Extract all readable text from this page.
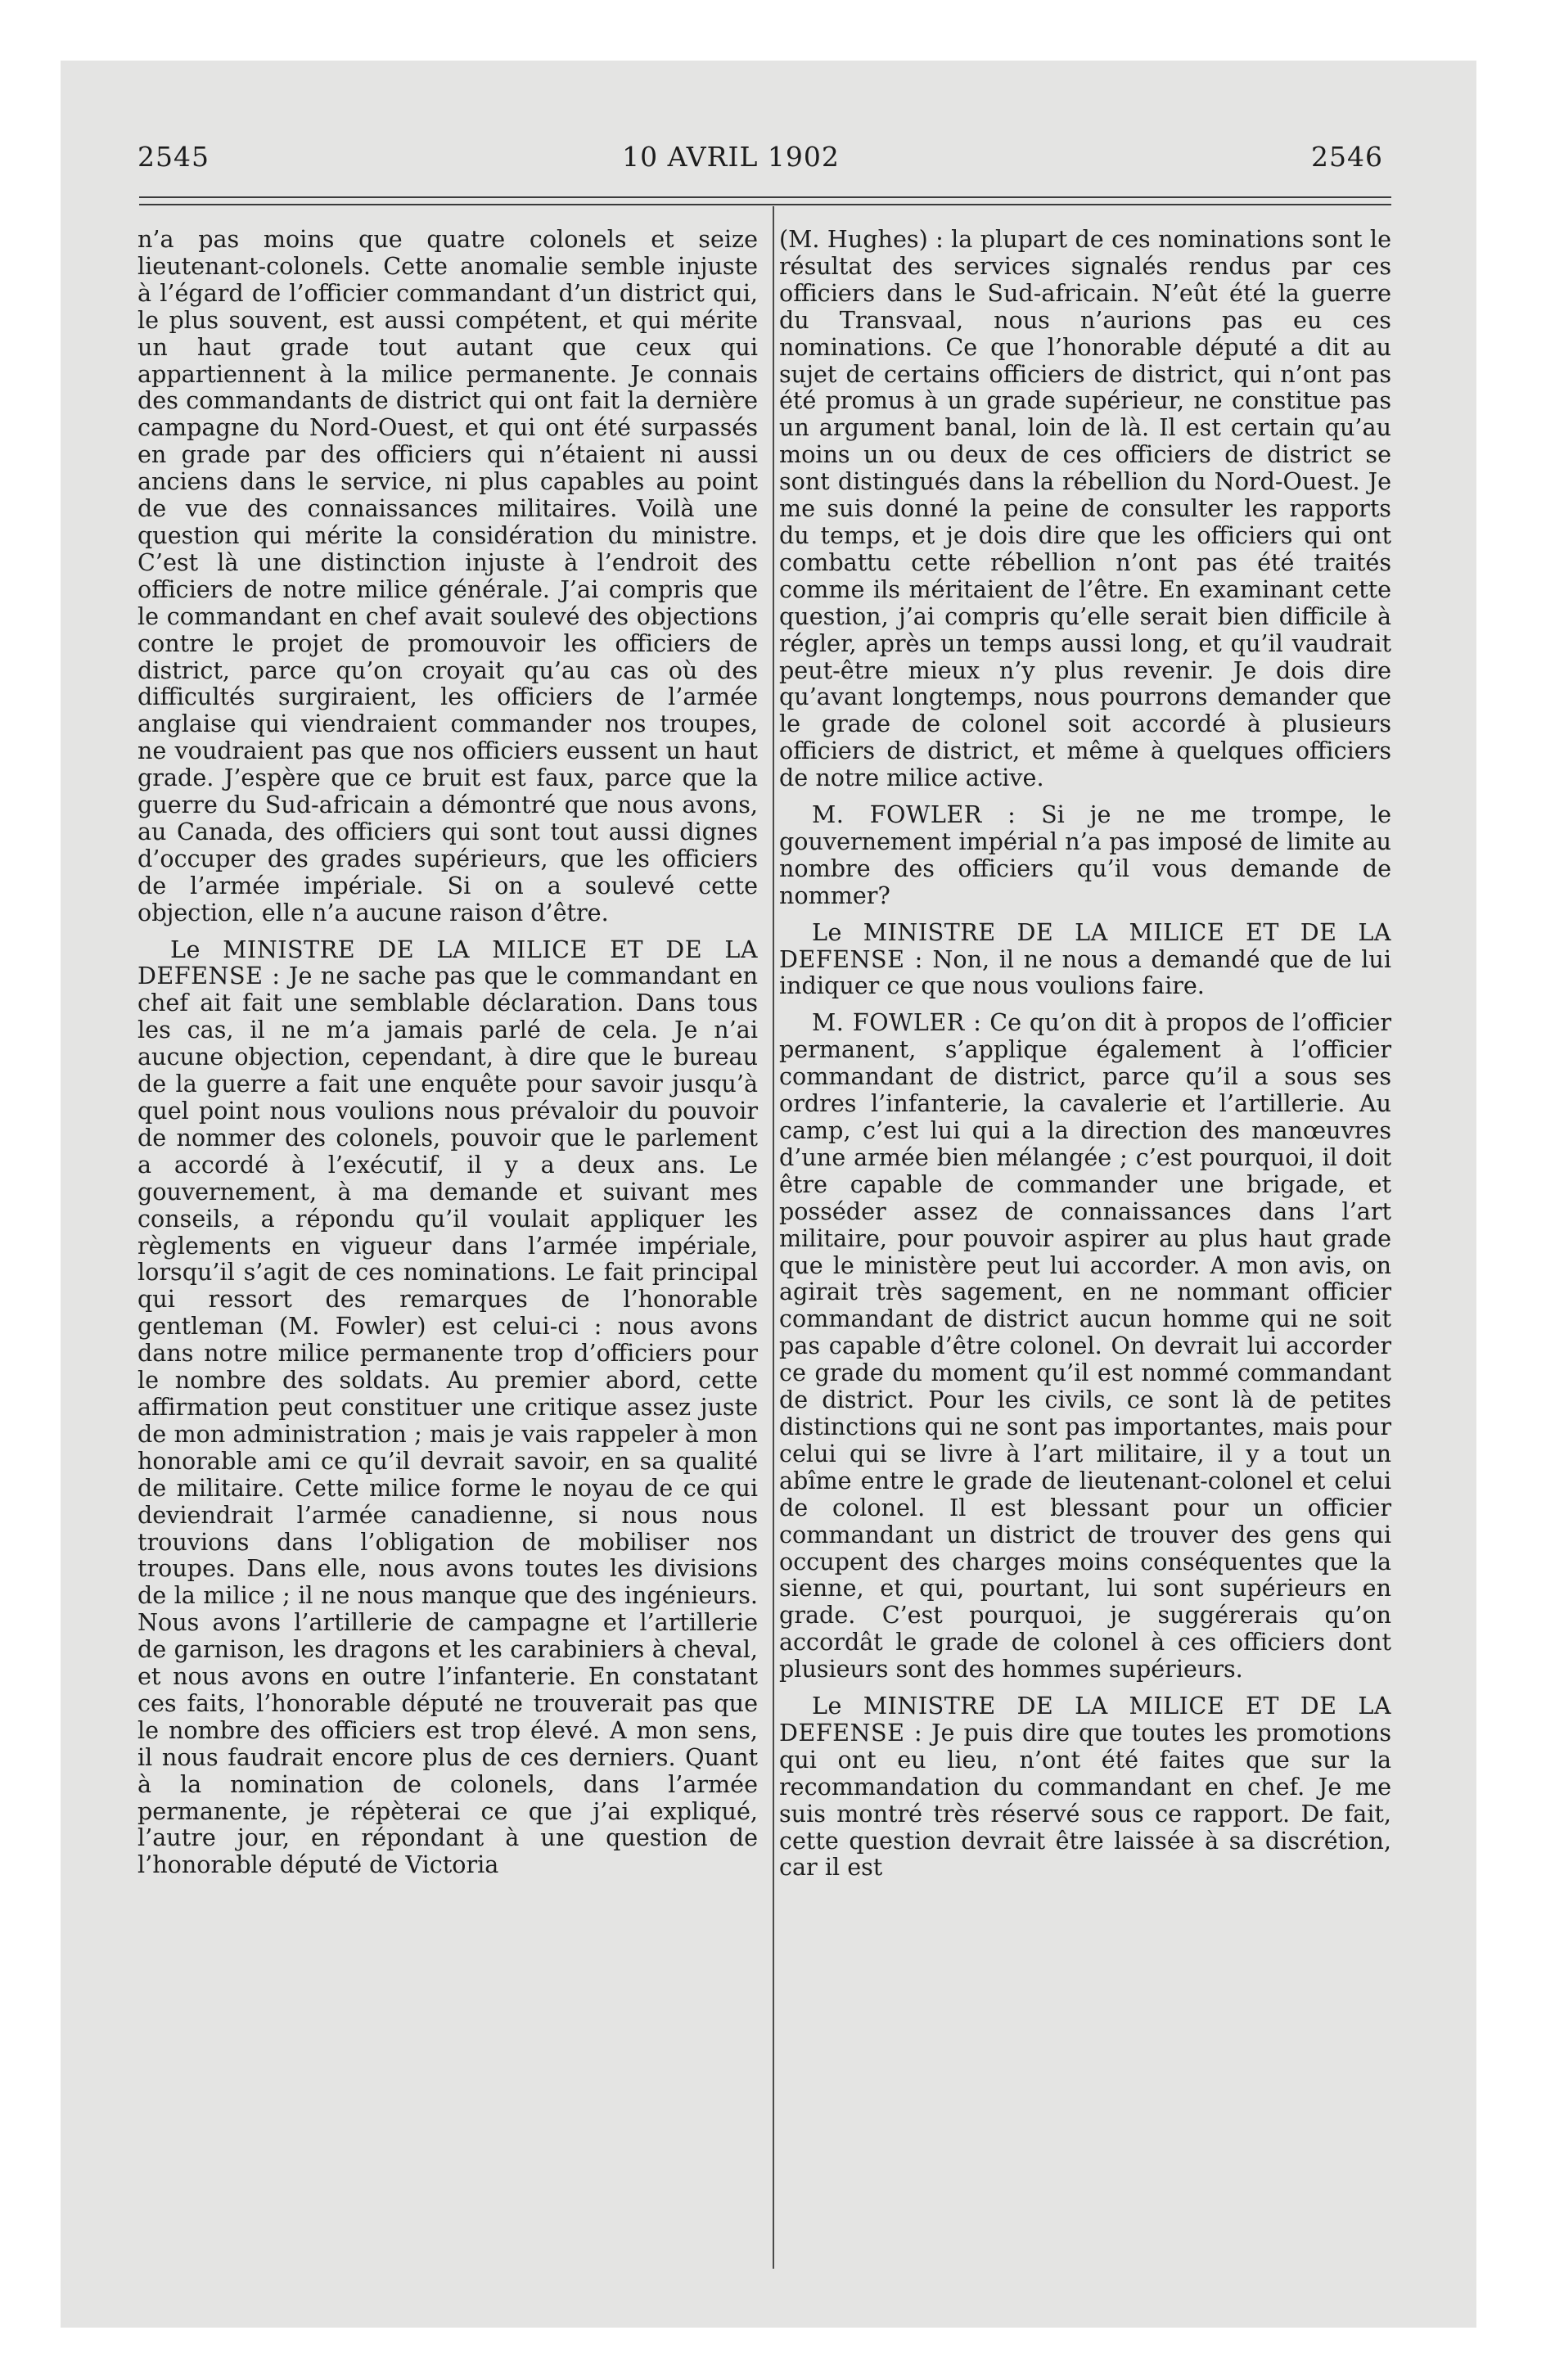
2545	10 AVRIL 1902	2546

n’a pas moins que quatre colonels et seize lieutenant-colonels. Cette anomalie semble injuste à l’égard de l’officier commandant d’un district qui, le plus souvent, est aussi compétent, et qui mérite un haut grade tout autant que ceux qui appartiennent à la milice permanente. Je connais des commandants de district qui ont fait la dernière campagne du Nord-Ouest, et qui ont été surpassés en grade par des officiers qui n’étaient ni aussi anciens dans le service, ni plus capables au point de vue des connaissances militaires. Voilà une question qui mérite la considération du ministre. C’est là une distinction injuste à l’endroit des officiers de notre milice générale. J’ai compris que le commandant en chef avait soulevé des objections contre le projet de promouvoir les officiers de district, parce qu’on croyait qu’au cas où des difficultés surgiraient, les officiers de l’armée anglaise qui viendraient commander nos troupes, ne voudraient pas que nos officiers eussent un haut grade. J’espère que ce bruit est faux, parce que la guerre du Sud-africain a démontré que nous avons, au Canada, des officiers qui sont tout aussi dignes d’occuper des grades supérieurs, que les officiers de l’armée impériale. Si on a soulevé cette objection, elle n’a aucune raison d’être.

Le MINISTRE DE LA MILICE ET DE LA DEFENSE : Je ne sache pas que le commandant en chef ait fait une semblable déclaration. Dans tous les cas, il ne m’a jamais parlé de cela. Je n’ai aucune objection, cependant, à dire que le bureau de la guerre a fait une enquête pour savoir jusqu’à quel point nous voulions nous prévaloir du pouvoir de nommer des colonels, pouvoir que le parlement a accordé à l’exécutif, il y a deux ans. Le gouvernement, à ma demande et suivant mes conseils, a répondu qu’il voulait appliquer les règlements en vigueur dans l’armée impériale, lorsqu’il s’agit de ces nominations. Le fait principal qui ressort des remarques de l’honorable gentleman (M. Fowler) est celui-ci : nous avons dans notre milice permanente trop d’officiers pour le nombre des soldats. Au premier abord, cette affirmation peut constituer une critique assez juste de mon administration ; mais je vais rappeler à mon honorable ami ce qu’il devrait savoir, en sa qualité de militaire. Cette milice forme le noyau de ce qui deviendrait l’armée canadienne, si nous nous trouvions dans l’obligation de mobiliser nos troupes. Dans elle, nous avons toutes les divisions de la milice ; il ne nous manque que des ingénieurs. Nous avons l’artillerie de campagne et l’artillerie de garnison, les dragons et les carabiniers à cheval, et nous avons en outre l’infanterie. En constatant ces faits, l’honorable député ne trouverait pas que le nombre des officiers est trop élevé. A mon sens, il nous faudrait encore plus de ces derniers. Quant à la nomination de colonels, dans l’armée permanente, je répèterai ce que j’ai expliqué, l’autre jour, en répondant à une question de l’honorable député de Victoria

(M. Hughes) : la plupart de ces nominations sont le résultat des services signalés rendus par ces officiers dans le Sud-africain. N’eût été la guerre du Transvaal, nous n’aurions pas eu ces nominations. Ce que l’honorable député a dit au sujet de certains officiers de district, qui n’ont pas été promus à un grade supérieur, ne constitue pas un argument banal, loin de là. Il est certain qu’au moins un ou deux de ces officiers de district se sont distingués dans la rébellion du Nord-Ouest. Je me suis donné la peine de consulter les rapports du temps, et je dois dire que les officiers qui ont combattu cette rébellion n’ont pas été traités comme ils méritaient de l’être. En examinant cette question, j’ai compris qu’elle serait bien difficile à régler, après un temps aussi long, et qu’il vaudrait peut-être mieux n’y plus revenir. Je dois dire qu’avant longtemps, nous pourrons demander que le grade de colonel soit accordé à plusieurs officiers de district, et même à quelques officiers de notre milice active.

M. FOWLER : Si je ne me trompe, le gouvernement impérial n’a pas imposé de limite au nombre des officiers qu’il vous demande de nommer?

Le MINISTRE DE LA MILICE ET DE LA DEFENSE : Non, il ne nous a demandé que de lui indiquer ce que nous voulions faire.

M. FOWLER : Ce qu’on dit à propos de l’officier permanent, s’applique également à l’officier commandant de district, parce qu’il a sous ses ordres l’infanterie, la cavalerie et l’artillerie. Au camp, c’est lui qui a la direction des manœuvres d’une armée bien mélangée ; c’est pourquoi, il doit être capable de commander une brigade, et posséder assez de connaissances dans l’art militaire, pour pouvoir aspirer au plus haut grade que le ministère peut lui accorder. A mon avis, on agirait très sagement, en ne nommant officier commandant de district aucun homme qui ne soit pas capable d’être colonel. On devrait lui accorder ce grade du moment qu’il est nommé commandant de district. Pour les civils, ce sont là de petites distinctions qui ne sont pas importantes, mais pour celui qui se livre à l’art militaire, il y a tout un abîme entre le grade de lieutenant-colonel et celui de colonel. Il est blessant pour un officier commandant un district de trouver des gens qui occupent des charges moins conséquentes que la sienne, et qui, pourtant, lui sont supérieurs en grade. C’est pourquoi, je suggérerais qu’on accordât le grade de colonel à ces officiers dont plusieurs sont des hommes supérieurs.

Le MINISTRE DE LA MILICE ET DE LA DEFENSE : Je puis dire que toutes les promotions qui ont eu lieu, n’ont été faites que sur la recommandation du commandant en chef. Je me suis montré très réservé sous ce rapport. De fait, cette question devrait être laissée à sa discrétion, car il est
